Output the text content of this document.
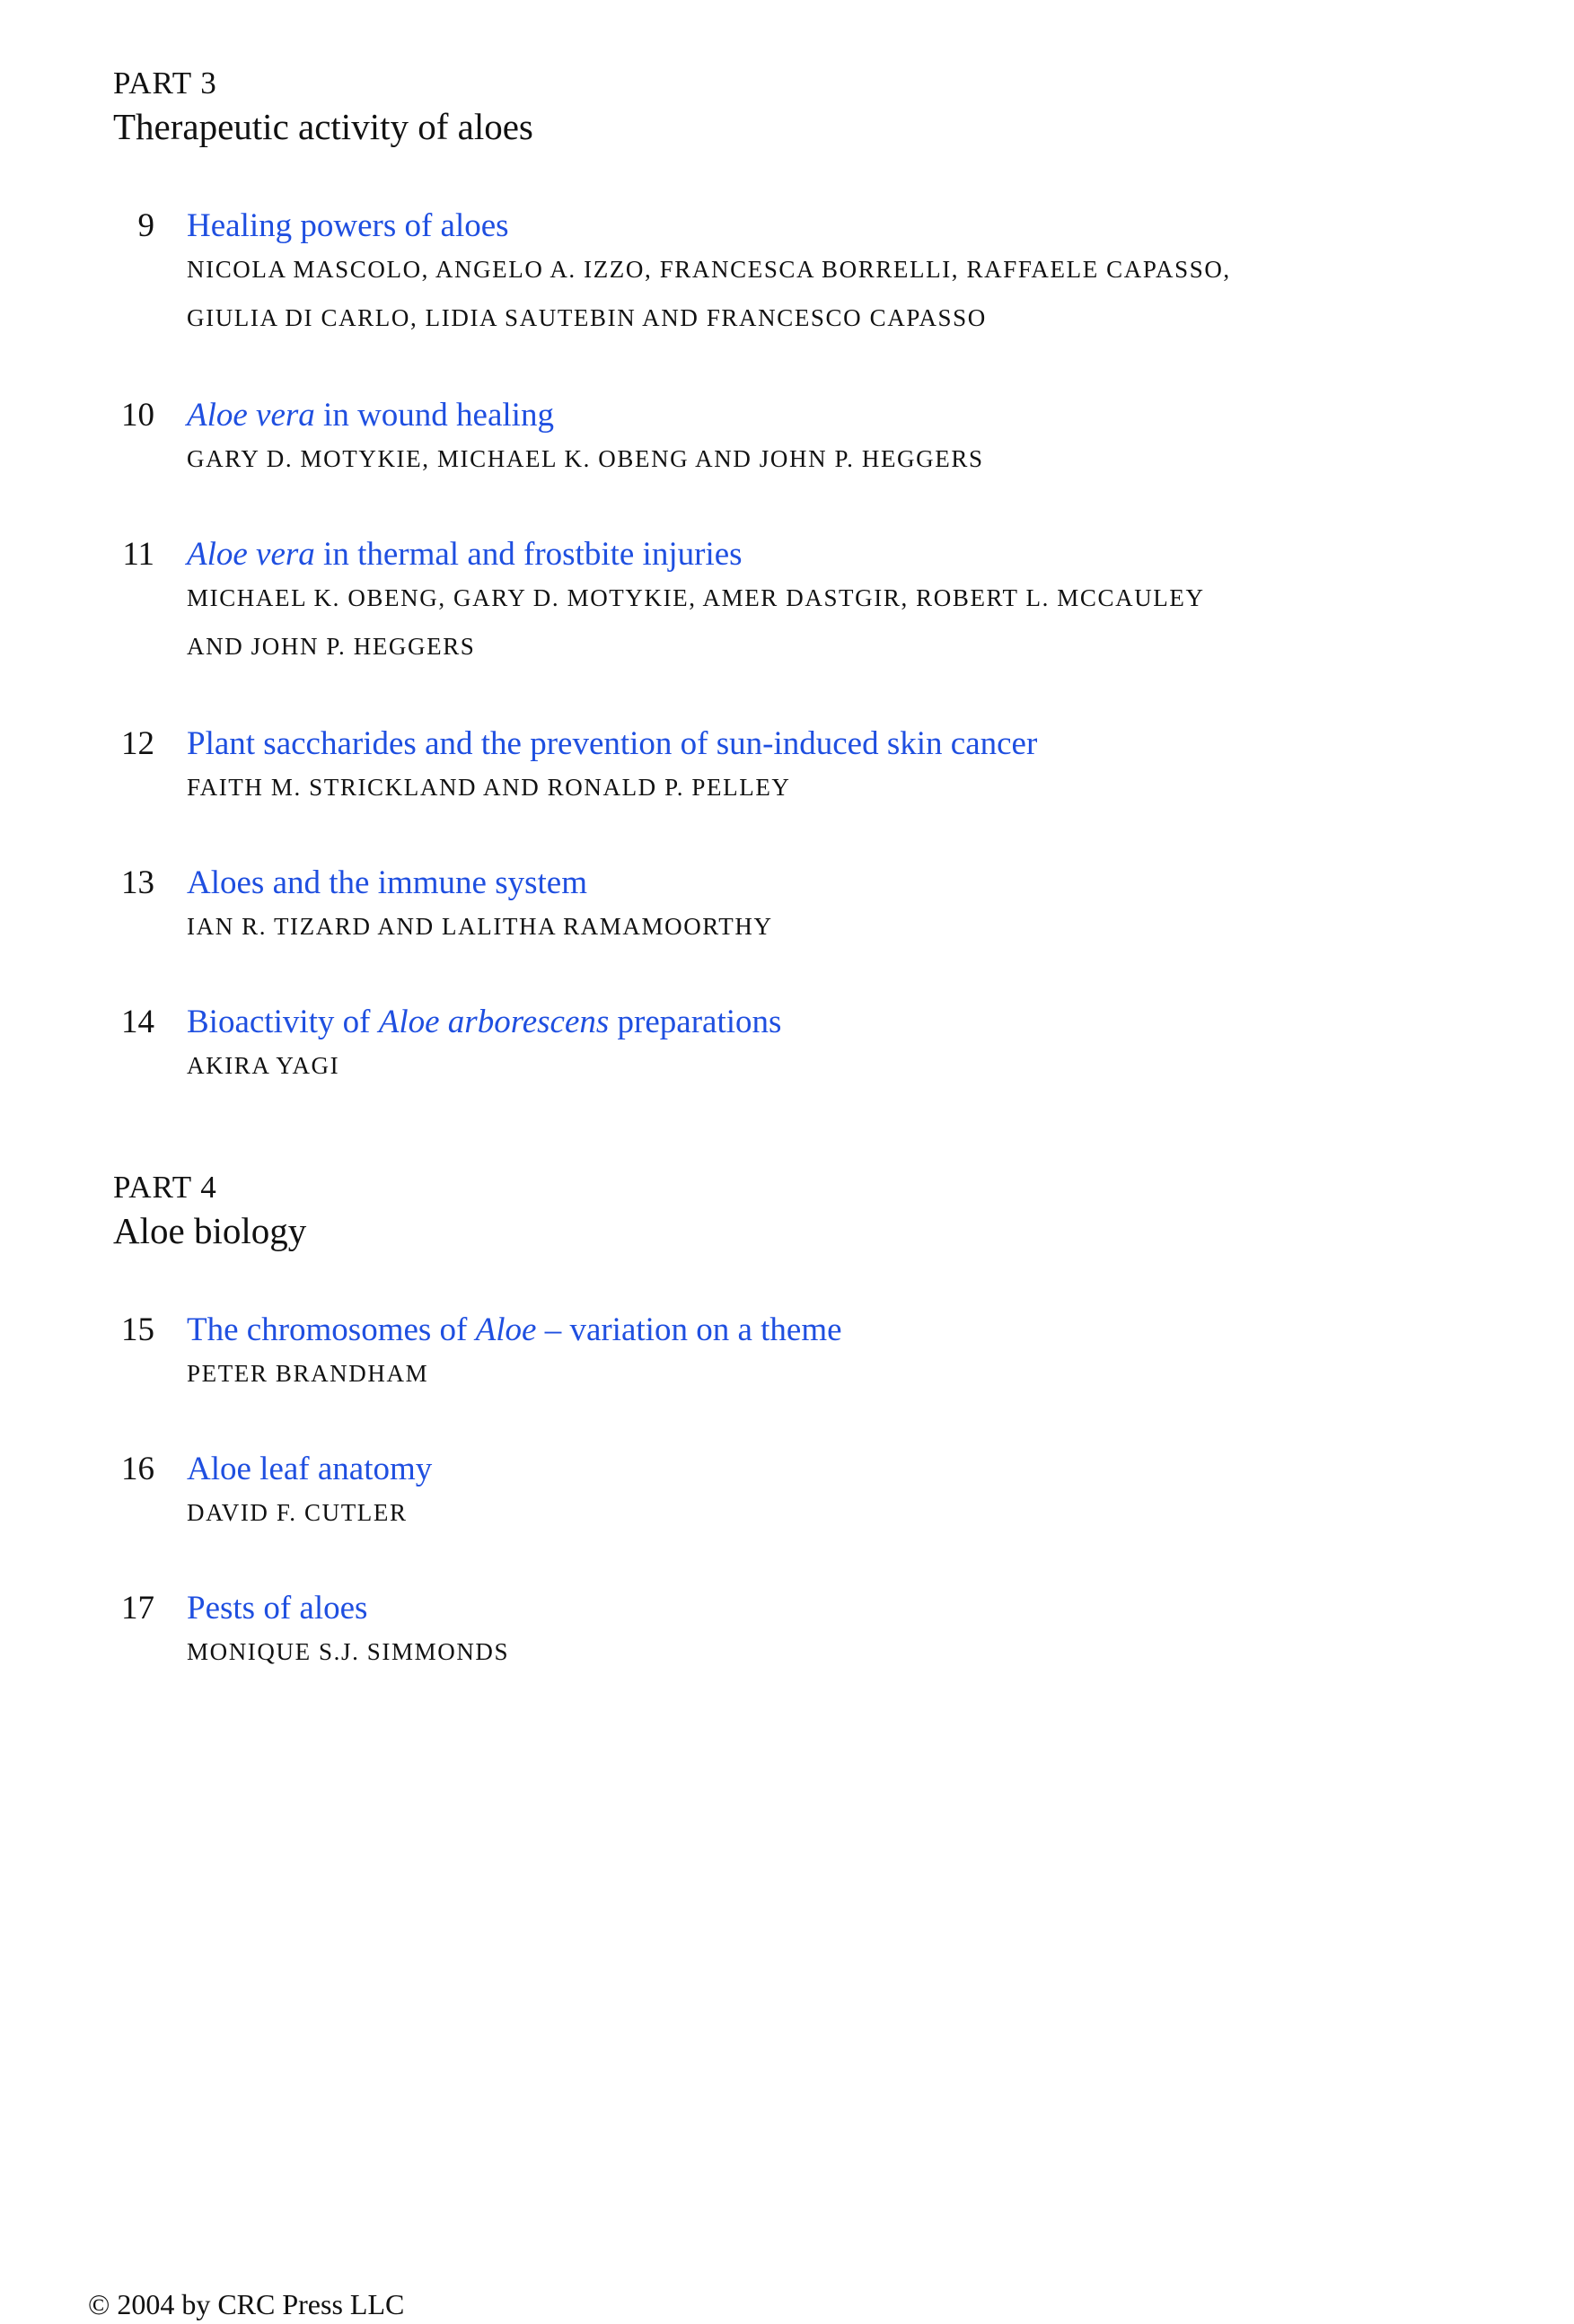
PART 3
Therapeutic activity of aloes
9 Healing powers of aloes
NICOLA MASCOLO, ANGELO A. IZZO, FRANCESCA BORRELLI, RAFFAELE CAPASSO,
GIULIA DI CARLO, LIDIA SAUTEBIN AND FRANCESCO CAPASSO
10 Aloe vera in wound healing
GARY D. MOTYKIE, MICHAEL K. OBENG AND JOHN P. HEGGERS
11 Aloe vera in thermal and frostbite injuries
MICHAEL K. OBENG, GARY D. MOTYKIE, AMER DASTGIR, ROBERT L. MCCAULEY
AND JOHN P. HEGGERS
12 Plant saccharides and the prevention of sun-induced skin cancer
FAITH M. STRICKLAND AND RONALD P. PELLEY
13 Aloes and the immune system
IAN R. TIZARD AND LALITHA RAMAMOORTHY
14 Bioactivity of Aloe arborescens preparations
AKIRA YAGI
PART 4
Aloe biology
15 The chromosomes of Aloe – variation on a theme
PETER BRANDHAM
16 Aloe leaf anatomy
DAVID F. CUTLER
17 Pests of aloes
MONIQUE S.J. SIMMONDS
© 2004 by CRC Press LLC
